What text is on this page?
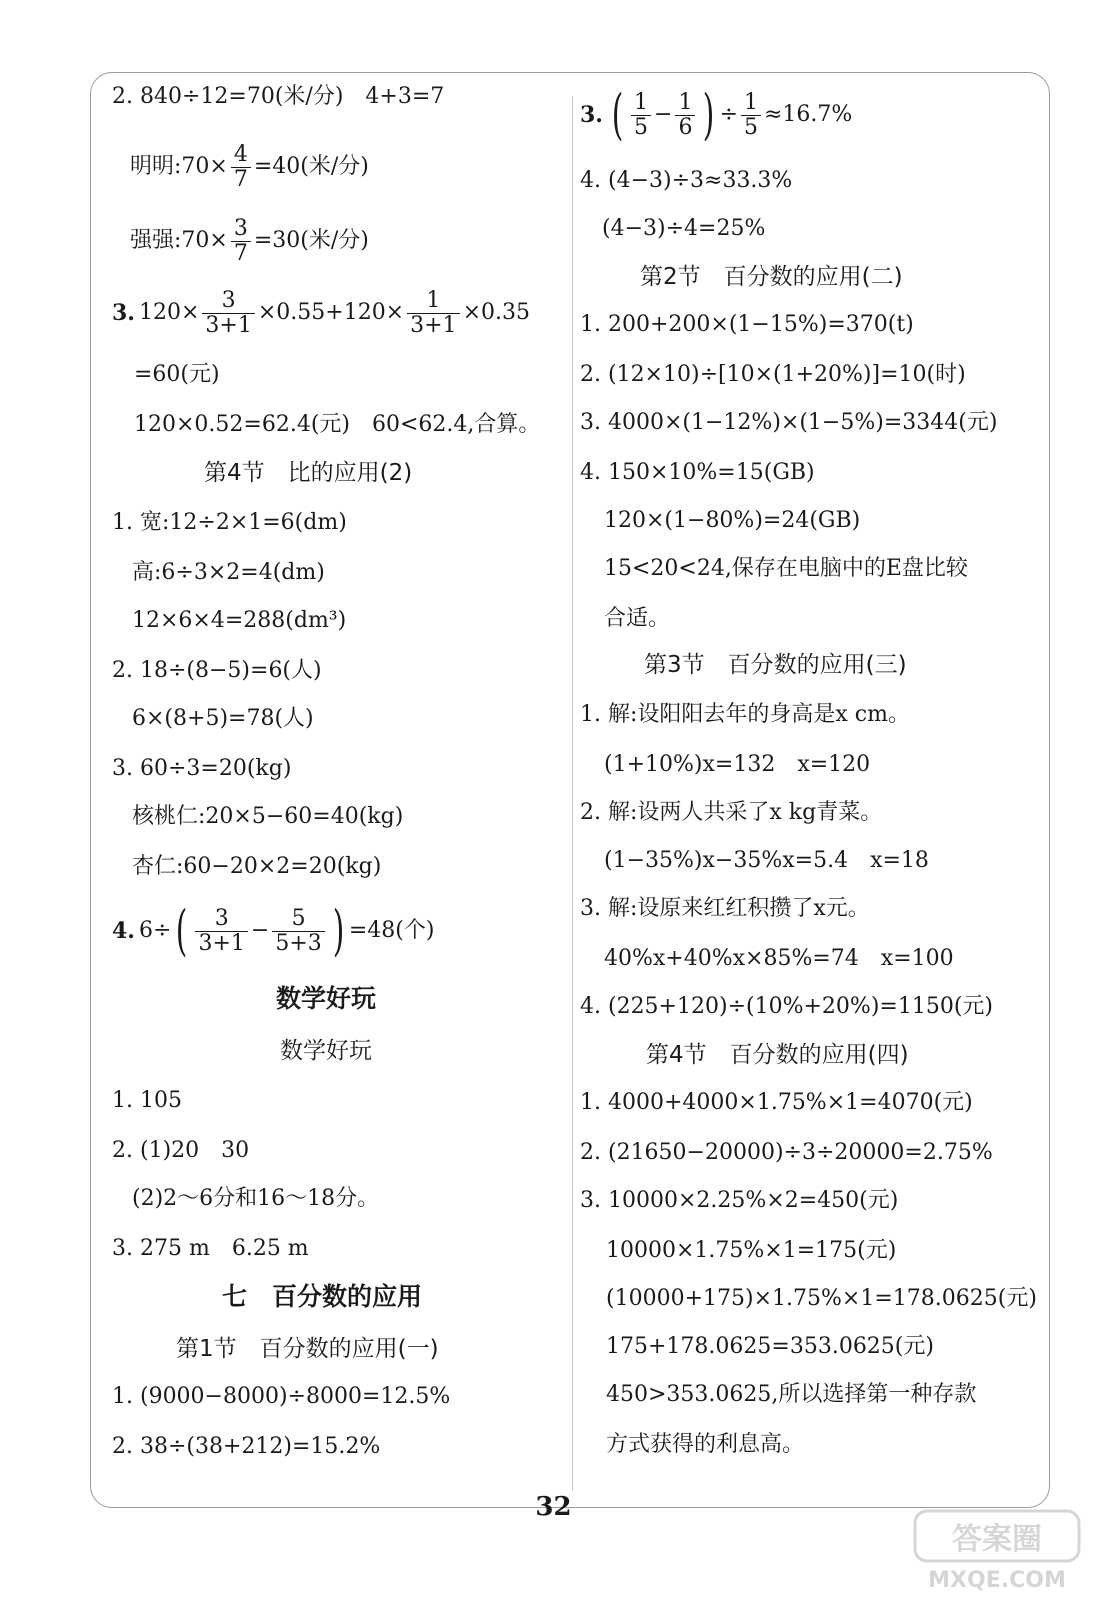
2. 840÷12=70(米/分)　4+3=7
明明:70× $\frac{4}{7} =40$(米/分)
强强:70× $\frac{3}{7} =30$(米/分)
3. $120\times \frac{3}{3+1} \times 0.55+120\times \frac{1}{3+1} \times 0.35$
=60(元)
120×0.52=62.4(元)　60<62.4,合算。
第4节　比的应用(2)
1. 宽:12÷2×1=6(dm)
高:6÷3×2=4(dm)
12×6×4=288(dm³)
2. 18÷(8−5)=6(人)
6×(8+5)=78(人)
3. 60÷3=20(kg)
核桃仁:20×5−60=40(kg)
杏仁:60−20×2=20(kg)
4. 6÷ ( $\frac{3}{3+1} - \frac{5}{5+3}$ ) =48(个)
数学好玩
数学好玩
1. 105
2. (1)20　30
(2)2～6分和16～18分。
3. 275 m　6.25 m
七　百分数的应用
第1节　百分数的应用(一)
1. (9000−8000)÷8000=12.5%
2. 38÷(38+212)=15.2%
3. ( $\frac{1}{5} - \frac{1}{6}$ ) ÷ $\frac{1}{5} \approx 16.7\%$
4. (4−3)÷3≈33.3%
(4−3)÷4=25%
第2节　百分数的应用(二)
1. 200+200×(1−15%)=370(t)
2. (12×10)÷[10×(1+20%)]=10(时)
3. 4000×(1−12%)×(1−5%)=3344(元)
4. 150×10%=15(GB)
120×(1−80%)=24(GB)
15<20<24,保存在电脑中的E盘比较
合适。
第3节　百分数的应用(三)
1. 解:设阳阳去年的身高是x cm。
(1+10%)x=132　x=120
2. 解:设两人共采了x kg青菜。
(1−35%)x−35%x=5.4　x=18
3. 解:设原来红红积攒了x元。
40%x+40%x×85%=74　x=100
4. (225+120)÷(10%+20%)=1150(元)
第4节　百分数的应用(四)
1. 4000+4000×1.75%×1=4070(元)
2. (21650−20000)÷3÷20000=2.75%
3. 10000×2.25%×2=450(元)
10000×1.75%×1=175(元)
(10000+175)×1.75%×1=178.0625(元)
175+178.0625=353.0625(元)
450>353.0625,所以选择第一种存款
方式获得的利息高。
32
答案圈
MXQE.COM
